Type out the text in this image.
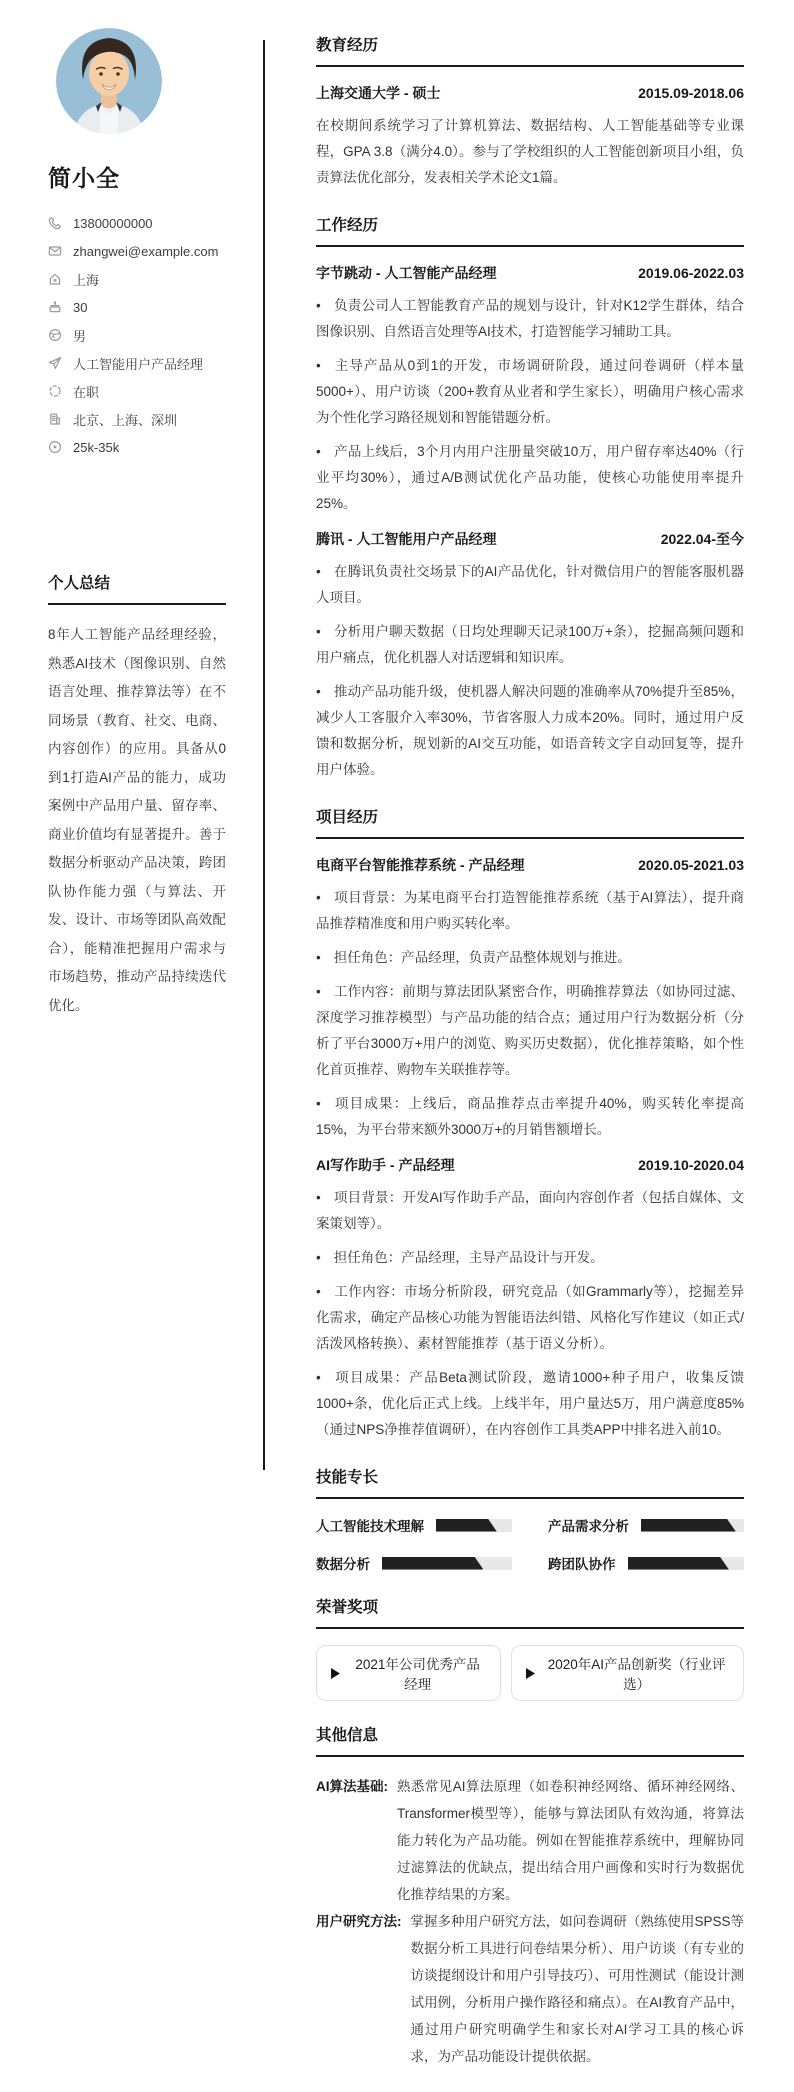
简小全
13800000000
zhangwei@example.com
上海
30
男
人工智能用户产品经理
在职
北京、上海、深圳
25k-35k
个人总结

8年人工智能产品经理经验，熟悉AI技术（图像识别、自然语言处理、推荐算法等）在不同场景（教育、社交、电商、内容创作）的应用。具备从0到1打造AI产品的能力，成功案例中产品用户量、留存率、商业价值均有显著提升。善于数据分析驱动产品决策，跨团队协作能力强（与算法、开发、设计、市场等团队高效配合），能精准把握用户需求与市场趋势，推动产品持续迭代优化。

教育经历
上海交通大学 - 硕士	2015.09-2018.06

在校期间系统学习了计算机算法、数据结构、人工智能基础等专业课程，GPA 3.8（满分4.0）。参与了学校组织的人工智能创新项目小组，负责算法优化部分，发表相关学术论文1篇。

工作经历
字节跳动 - 人工智能产品经理	2019.06-2022.03

• 负责公司人工智能教育产品的规划与设计，针对K12学生群体，结合图像识别、自然语言处理等AI技术，打造智能学习辅助工具。

• 主导产品从0到1的开发，市场调研阶段，通过问卷调研（样本量5000+）、用户访谈（200+教育从业者和学生家长），明确用户核心需求为个性化学习路径规划和智能错题分析。

• 产品上线后，3个月内用户注册量突破10万，用户留存率达40%（行业平均30%），通过A/B测试优化产品功能，使核心功能使用率提升25%。

腾讯 - 人工智能用户产品经理	2022.04-至今

• 在腾讯负责社交场景下的AI产品优化，针对微信用户的智能客服机器人项目。

• 分析用户聊天数据（日均处理聊天记录100万+条），挖掘高频问题和用户痛点，优化机器人对话逻辑和知识库。

• 推动产品功能升级，使机器人解决问题的准确率从70%提升至85%，减少人工客服介入率30%，节省客服人力成本20%。同时，通过用户反馈和数据分析，规划新的AI交互功能，如语音转文字自动回复等，提升用户体验。

项目经历
电商平台智能推荐系统 - 产品经理	2020.05-2021.03

• 项目背景：为某电商平台打造智能推荐系统（基于AI算法），提升商品推荐精准度和用户购买转化率。

• 担任角色：产品经理，负责产品整体规划与推进。

• 工作内容：前期与算法团队紧密合作，明确推荐算法（如协同过滤、深度学习推荐模型）与产品功能的结合点；通过用户行为数据分析（分析了平台3000万+用户的浏览、购买历史数据），优化推荐策略，如个性化首页推荐、购物车关联推荐等。

• 项目成果：上线后，商品推荐点击率提升40%，购买转化率提高15%，为平台带来额外3000万+的月销售额增长。

AI写作助手 - 产品经理	2019.10-2020.04

• 项目背景：开发AI写作助手产品，面向内容创作者（包括自媒体、文案策划等）。

• 担任角色：产品经理，主导产品设计与开发。

• 工作内容：市场分析阶段，研究竞品（如Grammarly等），挖掘差异化需求，确定产品核心功能为智能语法纠错、风格化写作建议（如正式/活泼风格转换）、素材智能推荐（基于语义分析）。

• 项目成果：产品Beta测试阶段，邀请1000+种子用户，收集反馈1000+条，优化后正式上线。上线半年，用户量达5万，用户满意度85%（通过NPS净推荐值调研），在内容创作工具类APP中排名进入前10。

技能专长
人工智能技术理解	产品需求分析
数据分析	跨团队协作
荣誉奖项
2021年公司优秀产品经理
2020年AI产品创新奖（行业评选）
其他信息
AI算法基础: 熟悉常见AI算法原理（如卷积神经网络、循环神经网络、Transformer模型等），能够与算法团队有效沟通，将算法能力转化为产品功能。例如在智能推荐系统中，理解协同过滤算法的优缺点，提出结合用户画像和实时行为数据优化推荐结果的方案。
用户研究方法: 掌握多种用户研究方法，如问卷调研（熟练使用SPSS等数据分析工具进行问卷结果分析）、用户访谈（有专业的访谈提纲设计和用户引导技巧）、可用性测试（能设计测试用例，分析用户操作路径和痛点）。在AI教育产品中，通过用户研究明确学生和家长对AI学习工具的核心诉求，为产品功能设计提供依据。
